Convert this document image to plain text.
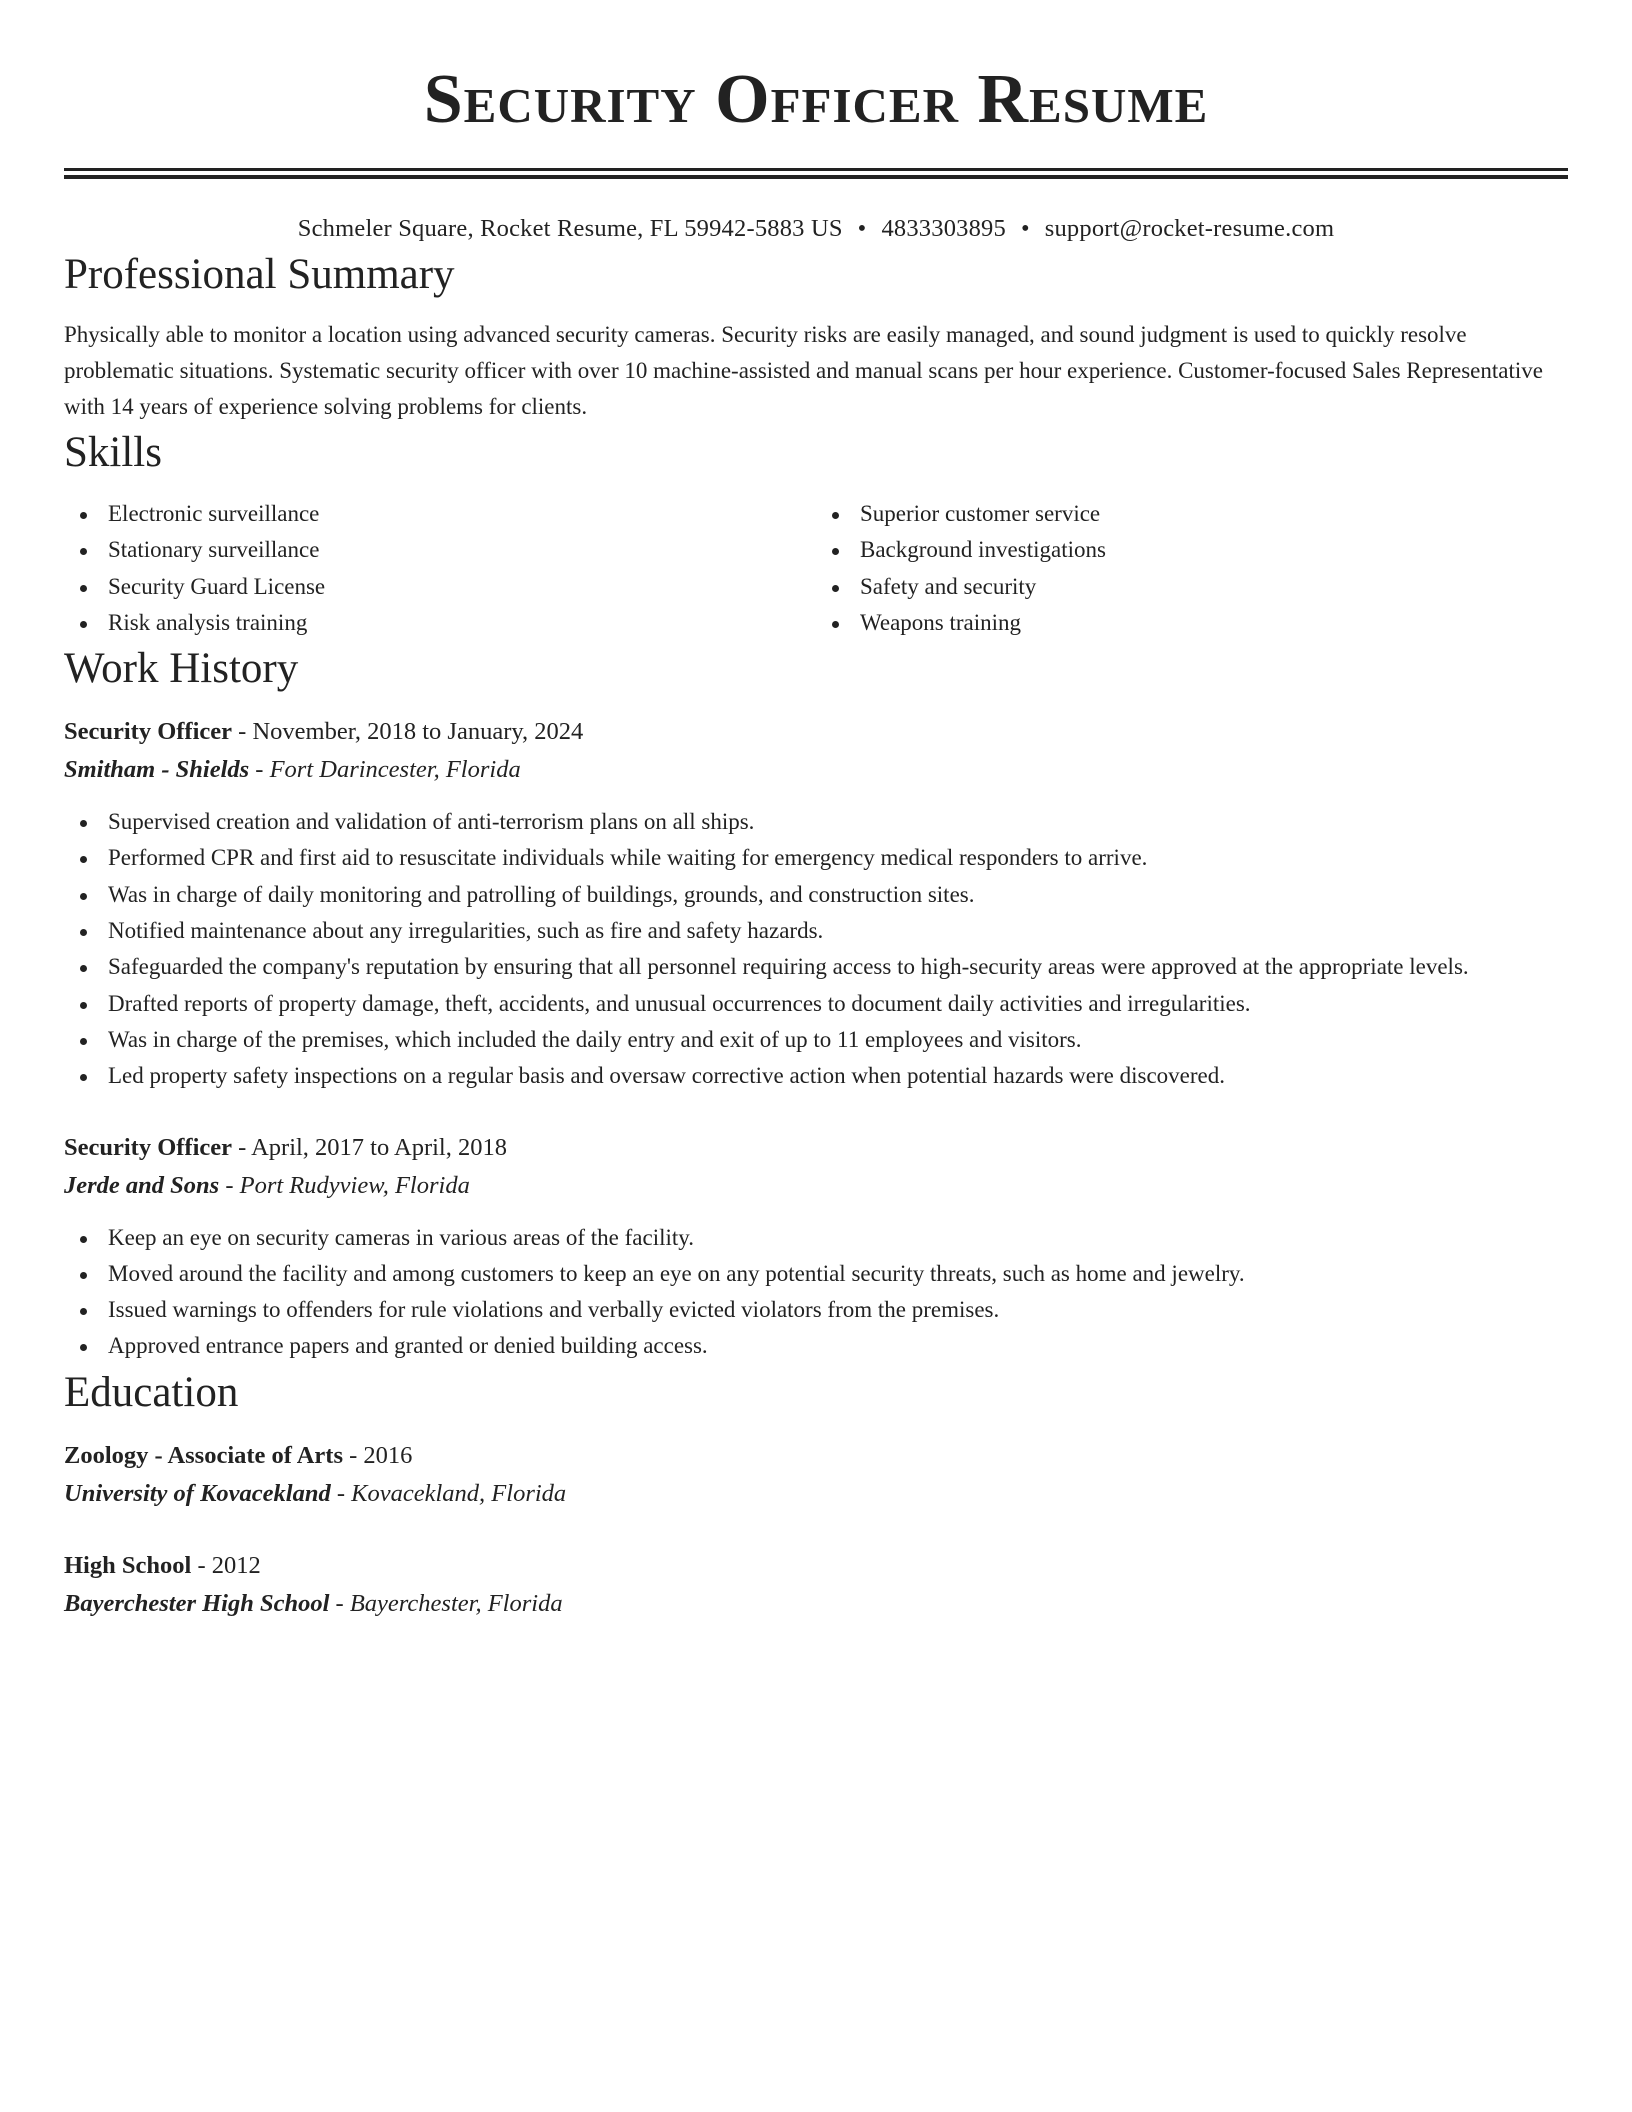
Security Officer Resume
Schmeler Square, Rocket Resume, FL 59942-5883 US • 4833303895 • support@rocket-resume.com
Professional Summary

Physically able to monitor a location using advanced security cameras. Security risks are easily managed, and sound judgment is used to quickly resolve problematic situations. Systematic security officer with over 10 machine-assisted and manual scans per hour experience. Customer-focused Sales Representative with 14 years of experience solving problems for clients.

Skills
Electronic surveillance
Stationary surveillance
Security Guard License
Risk analysis training
Superior customer service
Background investigations
Safety and security
Weapons training
Work History
Security Officer - November, 2018 to January, 2024
Smitham - Shields - Fort Darincester, Florida
Supervised creation and validation of anti-terrorism plans on all ships.
Performed CPR and first aid to resuscitate individuals while waiting for emergency medical responders to arrive.
Was in charge of daily monitoring and patrolling of buildings, grounds, and construction sites.
Notified maintenance about any irregularities, such as fire and safety hazards.
Safeguarded the company's reputation by ensuring that all personnel requiring access to high-security areas were approved at the appropriate levels.
Drafted reports of property damage, theft, accidents, and unusual occurrences to document daily activities and irregularities.
Was in charge of the premises, which included the daily entry and exit of up to 11 employees and visitors.
Led property safety inspections on a regular basis and oversaw corrective action when potential hazards were discovered.
Security Officer - April, 2017 to April, 2018
Jerde and Sons - Port Rudyview, Florida
Keep an eye on security cameras in various areas of the facility.
Moved around the facility and among customers to keep an eye on any potential security threats, such as home and jewelry.
Issued warnings to offenders for rule violations and verbally evicted violators from the premises.
Approved entrance papers and granted or denied building access.
Education
Zoology - Associate of Arts - 2016
University of Kovacekland - Kovacekland, Florida
High School - 2012
Bayerchester High School - Bayerchester, Florida
